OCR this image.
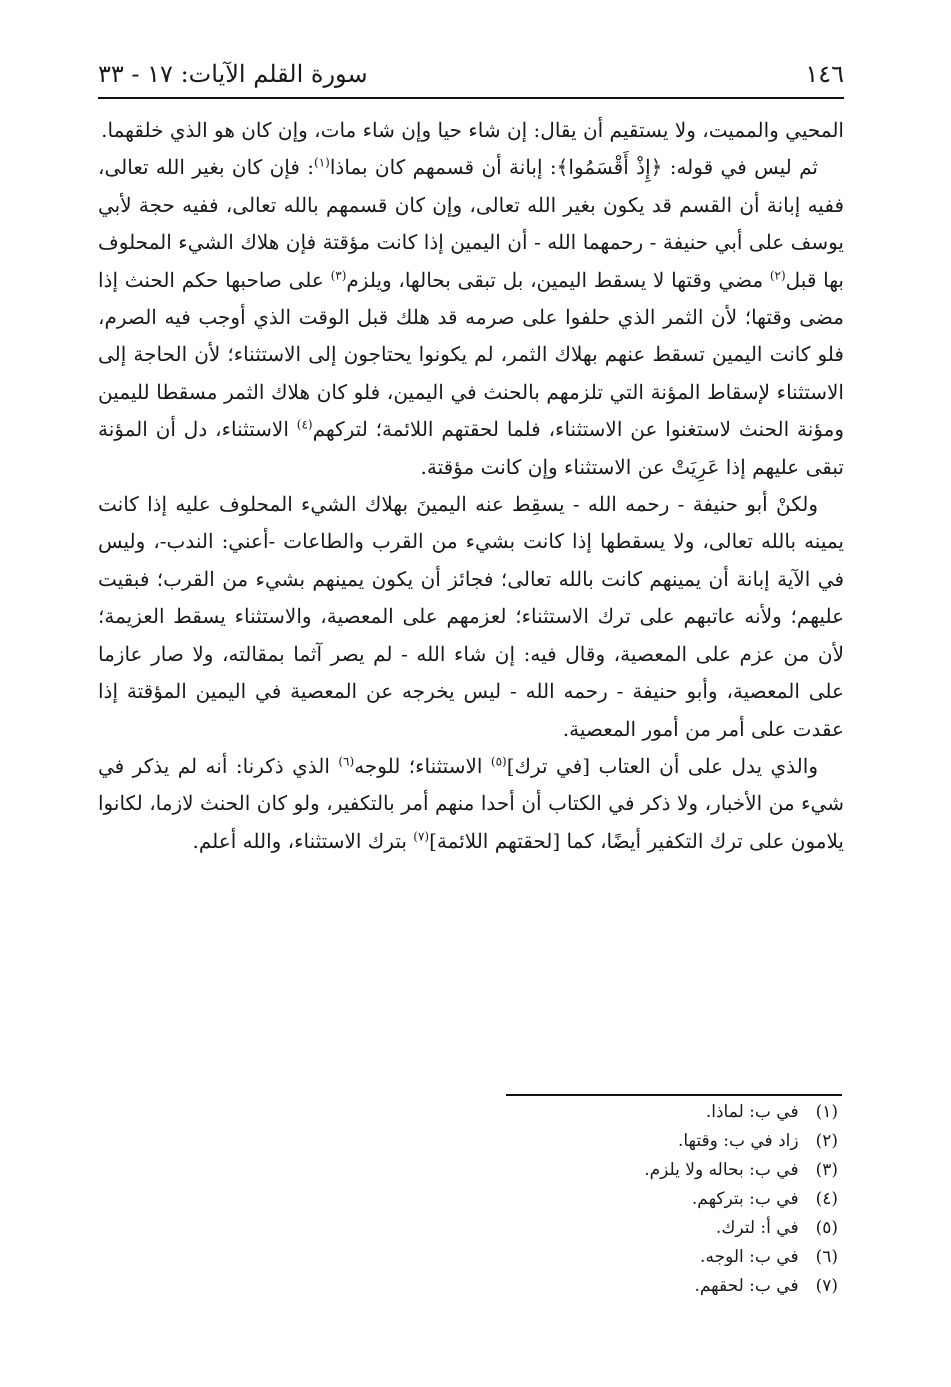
١٤٦
سورة القلم الآيات: ١٧ - ٣٣

المحيي والمميت، ولا يستقيم أن يقال: إن شاء حيا وإن شاء مات، وإن كان هو الذي خلقهما.

ثم ليس في قوله: ﴿إِذْ أَقْسَمُوا﴾: إبانة أن قسمهم كان بماذا$^{(١)}$: فإن كان بغير الله تعالى، ففيه إبانة أن القسم قد يكون بغير الله تعالى، وإن كان قسمهم بالله تعالى، ففيه حجة لأبي يوسف على أبي حنيفة - رحمهما الله - أن اليمين إذا كانت مؤقتة فإن هلاك الشيء المحلوف بها قبل$^{(٢)}$ مضي وقتها لا يسقط اليمين، بل تبقى بحالها، ويلزم$^{(٣)}$ على صاحبها حكم الحنث إذا مضى وقتها؛ لأن الثمر الذي حلفوا على صرمه قد هلك قبل الوقت الذي أوجب فيه الصرم، فلو كانت اليمين تسقط عنهم بهلاك الثمر، لم يكونوا يحتاجون إلى الاستثناء؛ لأن الحاجة إلى الاستثناء لإسقاط المؤنة التي تلزمهم بالحنث في اليمين، فلو كان هلاك الثمر مسقطا لليمين ومؤنة الحنث لاستغنوا عن الاستثناء، فلما لحقتهم اللائمة؛ لتركهم$^{(٤)}$ الاستثناء، دل أن المؤنة تبقى عليهم إذا عَرِيَتْ عن الاستثناء وإن كانت مؤقتة.

ولكنْ أبو حنيفة - رحمه الله - يسقِط عنه اليمينَ بهلاك الشيء المحلوف عليه إذا كانت يمينه بالله تعالى، ولا يسقطها إذا كانت بشيء من القرب والطاعات -أعني: الندب-، وليس في الآية إبانة أن يمينهم كانت بالله تعالى؛ فجائز أن يكون يمينهم بشيء من القرب؛ فبقيت عليهم؛ ولأنه عاتبهم على ترك الاستثناء؛ لعزمهم على المعصية، والاستثناء يسقط العزيمة؛ لأن من عزم على المعصية، وقال فيه: إن شاء الله - لم يصر آثما بمقالته، ولا صار عازما على المعصية، وأبو حنيفة - رحمه الله - ليس يخرجه عن المعصية في اليمين المؤقتة إذا عقدت على أمر من أمور المعصية.

والذي يدل على أن العتاب [في ترك]$^{(٥)}$ الاستثناء؛ للوجه$^{(٦)}$ الذي ذكرنا: أنه لم يذكر في شيء من الأخبار، ولا ذكر في الكتاب أن أحدا منهم أمر بالتكفير، ولو كان الحنث لازما، لكانوا يلامون على ترك التكفير أيضًا، كما [لحقتهم اللائمة]$^{(٧)}$ بترك الاستثناء، والله أعلم.

(١) في ب: لماذا.
(٢) زاد في ب: وقتها.
(٣) في ب: بحاله ولا يلزم.
(٤) في ب: بتركهم.
(٥) في أ: لترك.
(٦) في ب: الوجه.
(٧) في ب: لحقهم.
